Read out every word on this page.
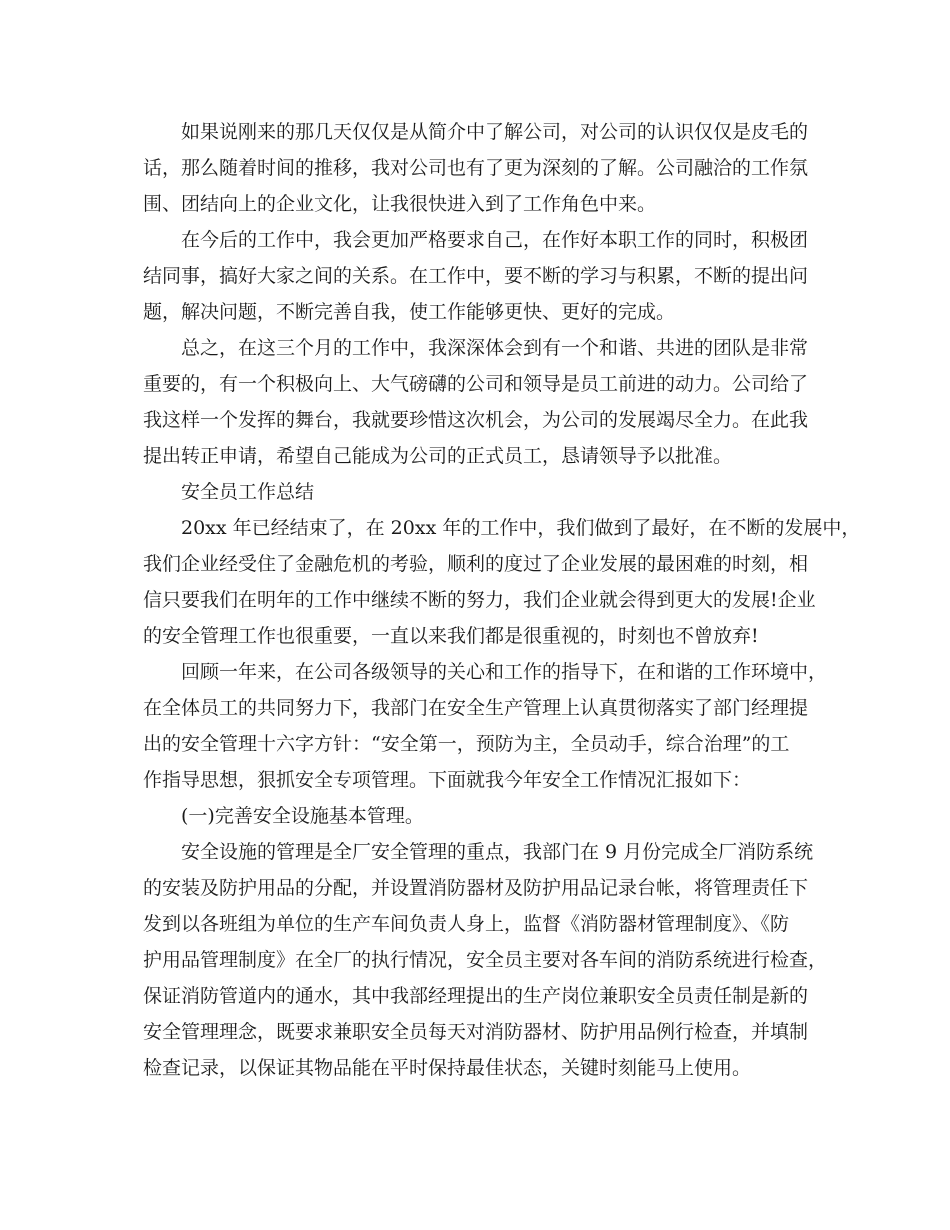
如果说刚来的那几天仅仅是从简介中了解公司，对公司的认识仅仅是皮毛的
话，那么随着时间的推移，我对公司也有了更为深刻的了解。公司融洽的工作氛
围、团结向上的企业文化，让我很快进入到了工作角色中来。
在今后的工作中，我会更加严格要求自己，在作好本职工作的同时，积极团
结同事，搞好大家之间的关系。在工作中，要不断的学习与积累，不断的提出问
题，解决问题，不断完善自我，使工作能够更快、更好的完成。
总之，在这三个月的工作中，我深深体会到有一个和谐、共进的团队是非常
重要的，有一个积极向上、大气磅礴的公司和领导是员工前进的动力。公司给了
我这样一个发挥的舞台，我就要珍惜这次机会，为公司的发展竭尽全力。在此我
提出转正申请，希望自己能成为公司的正式员工，恳请领导予以批准。
安全员工作总结
20xx 年已经结束了，在 20xx 年的工作中，我们做到了最好，在不断的发展中，
我们企业经受住了金融危机的考验，顺利的度过了企业发展的最困难的时刻，相
信只要我们在明年的工作中继续不断的努力，我们企业就会得到更大的发展!企业
的安全管理工作也很重要，一直以来我们都是很重视的，时刻也不曾放弃!
回顾一年来，在公司各级领导的关心和工作的指导下，在和谐的工作环境中，
在全体员工的共同努力下，我部门在安全生产管理上认真贯彻落实了部门经理提
出的安全管理十六字方针：“安全第一，预防为主，全员动手，综合治理”的工
作指导思想，狠抓安全专项管理。下面就我今年安全工作情况汇报如下：
(一)完善安全设施基本管理。
安全设施的管理是全厂安全管理的重点，我部门在 9 月份完成全厂消防系统
的安装及防护用品的分配，并设置消防器材及防护用品记录台帐，将管理责任下
发到以各班组为单位的生产车间负责人身上，监督《消防器材管理制度》、《防
护用品管理制度》在全厂的执行情况，安全员主要对各车间的消防系统进行检查，
保证消防管道内的通水，其中我部经理提出的生产岗位兼职安全员责任制是新的
安全管理理念，既要求兼职安全员每天对消防器材、防护用品例行检查，并填制
检查记录，以保证其物品能在平时保持最佳状态，关键时刻能马上使用。
